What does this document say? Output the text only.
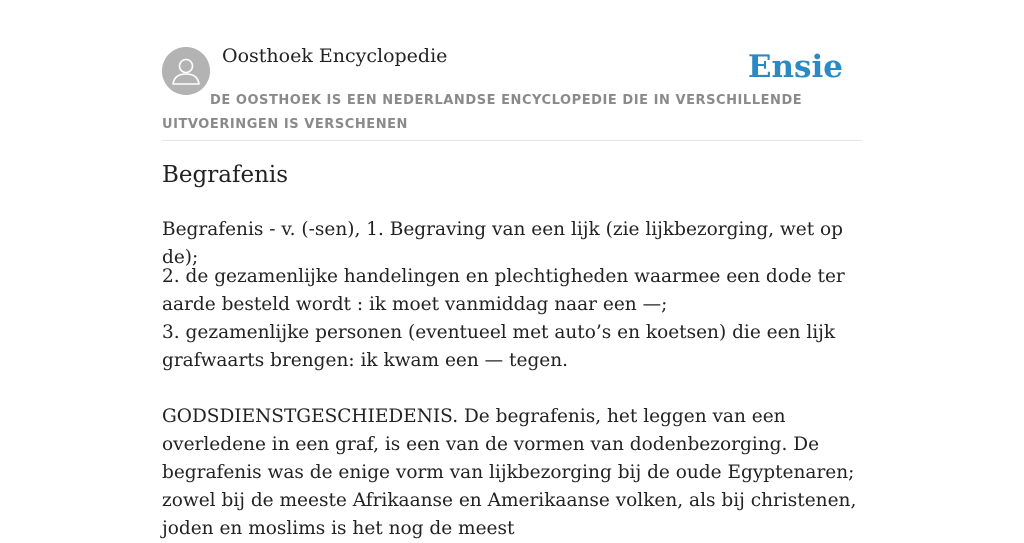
Oosthoek Encyclopedie	Ensie
DE OOSTHOEK IS EEN NEDERLANDSE ENCYCLOPEDIE DIE IN VERSCHILLENDE UITVOERINGEN IS VERSCHENEN
Begrafenis

Begrafenis - v. (-sen), 1. Begraving van een lijk (zie lijkbezorging, wet op de);

2. de gezamenlijke handelingen en plechtigheden waarmee een dode ter aarde besteld wordt : ik moet vanmiddag naar een —;
3. gezamenlijke personen (eventueel met auto’s en koetsen) die een lijk grafwaarts brengen: ik kwam een — tegen.

GODSDIENSTGESCHIEDENIS. De begrafenis, het leggen van een overledene in een graf, is een van de vormen van dodenbezorging. De begrafenis was de enige vorm van lijkbezorging bij de oude Egyptenaren; zowel bij de meeste Afrikaanse en Amerikaanse volken, als bij christenen, joden en moslims is het nog de meest
